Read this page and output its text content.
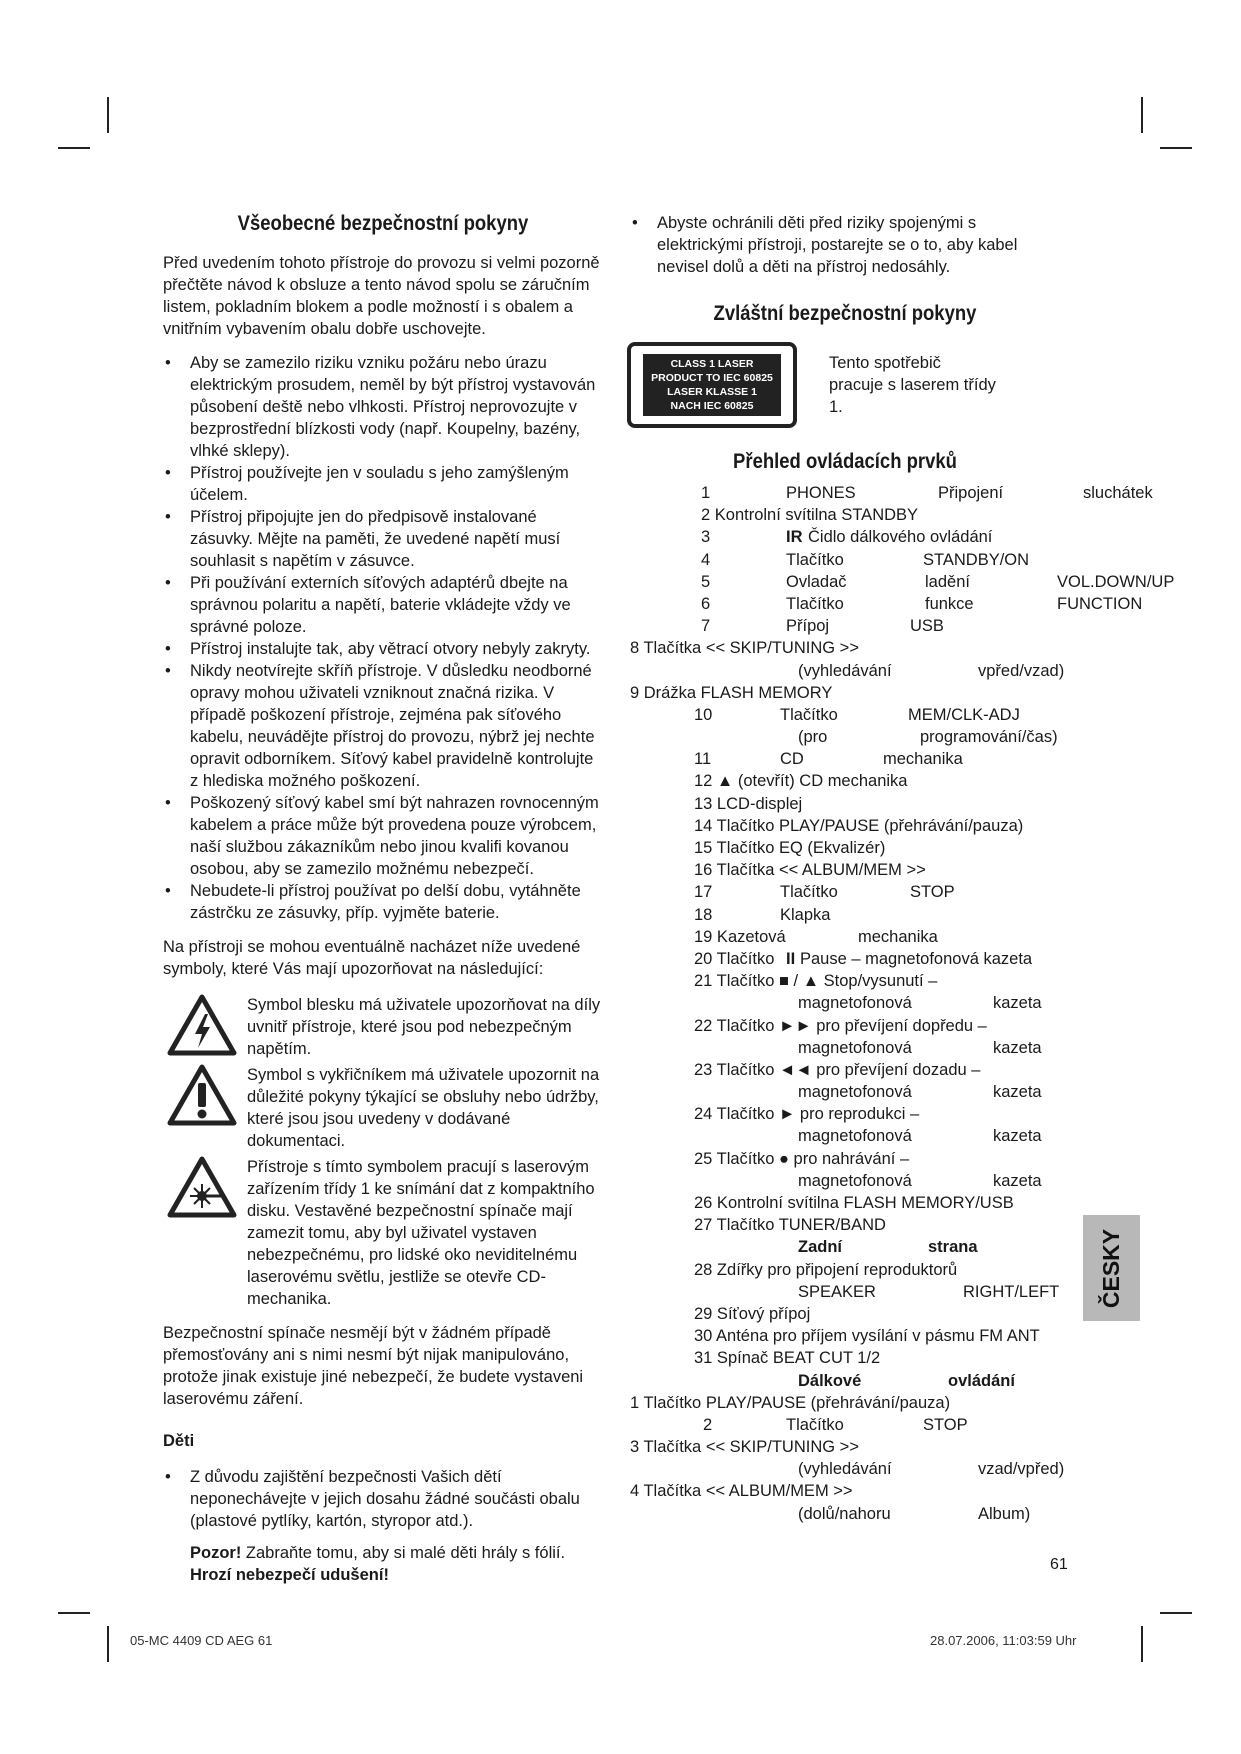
Všeobecné bezpečnostní pokyny

Před uvedením tohoto přístroje do provozu si velmi pozorně přečtěte návod k obsluze a tento návod spolu se záručním listem, pokladním blokem a podle možností i s obalem a vnitřním vybavením obalu dobře uschovejte.

• Aby se zamezilo riziku vzniku požáru nebo úrazu elektrickým prosudem, neměl by být přístroj vystavován působení deště nebo vlhkosti. Přístroj neprovozujte v bezprostřední blízkosti vody (např. Koupelny, bazény, vlhké sklepy).
• Přístroj používejte jen v souladu s jeho zamýšleným účelem.
• Přístroj připojujte jen do předpisově instalované zásuvky. Mějte na paměti, že uvedené napětí musí souhlasit s napětím v zásuvce.
• Při používání externích síťových adaptérů dbejte na správnou polaritu a napětí, baterie vkládejte vždy ve správné poloze.
• Přístroj instalujte tak, aby větrací otvory nebyly zakryty.
• Nikdy neotvírejte skříň přístroje. V důsledku neodborné opravy mohou uživateli vzniknout značná rizika. V případě poškození přístroje, zejména pak síťového kabelu, neuvádějte přístroj do provozu, nýbrž jej nechte opravit odborníkem. Síťový kabel pravidelně kontrolujte z hlediska možného poškození.
• Poškozený síťový kabel smí být nahrazen rovnocenným kabelem a práce může být provedena pouze výrobcem, naší službou zákazníkům nebo jinou kvalifi kovanou osobou, aby se zamezilo možnému nebezpečí.
• Nebudete-li přístroj používat po delší dobu, vytáhněte zástrčku ze zásuvky, příp. vyjměte baterie.

Na přístroji se mohou eventuálně nacházet níže uvedené symboly, které Vás mají upozorňovat na následující:

Symbol blesku má uživatele upozorňovat na díly uvnitř přístroje, které jsou pod nebezpečným napětím.
Symbol s vykřičníkem má uživatele upozornit na důležité pokyny týkající se obsluhy nebo údržby, které jsou jsou uvedeny v dodávané dokumentaci.
Přístroje s tímto symbolem pracují s laserovým zařízením třídy 1 ke snímání dat z kompaktního disku. Vestavěné bezpečnostní spínače mají zamezit tomu, aby byl uživatel vystaven nebezpečnému, pro lidské oko neviditelnému laserovému světlu, jestliže se otevře CD-mechanika.

Bezpečnostní spínače nesmějí být v žádném případě přemosťovány ani s nimi nesmí být nijak manipulováno, protože jinak existuje jiné nebezpečí, že budete vystaveni laserovému záření.

Děti

• Z důvodu zajištění bezpečnosti Vašich dětí neponechávejte v jejich dosahu žádné součásti obalu (plastové pytlíky, kartón, styropor atd.).

Pozor! Zabraňte tomu, aby si malé děti hrály s fólií. Hrozí nebezpečí udušení!

• Abyste ochránili děti před riziky spojenými s elektrickými přístroji, postarejte se o to, aby kabel nevisel dolů a děti na přístroj nedosáhly.
Zvláštní bezpečnostní pokyny
CLASS 1 LASER
PRODUCT TO IEC 60825
LASER KLASSE 1
NACH IEC 60825
Tento spotřebič pracuje s laserem třídy 1.
Přehled ovládacích prvků
1	PHONES	Připojení	sluchátek
2 Kontrolní svítilna STANDBY
3	IR Čidlo dálkového ovládání
4	Tlačítko	STANDBY/ON
5	Ovladač	ladění	VOL.DOWN/UP
6	Tlačítko	funkce	FUNCTION
7	Přípoj	USB
8 Tlačítka << SKIP/TUNING >>
(vyhledávání	vpřed/vzad)
9 Drážka FLASH MEMORY
10	Tlačítko	MEM/CLK-ADJ
(pro	programování/čas)
11	CD	mechanika
12 ▲ (otevřít) CD mechanika
13 LCD-displej
14 Tlačítko PLAY/PAUSE (přehrávání/pauza)
15 Tlačítko EQ (Ekvalizér)
16 Tlačítka << ALBUM/MEM >>
17	Tlačítko	STOP
18	Klapka
19 Kazetová	mechanika
20 Tlačítko II Pause – magnetofonová kazeta
21 Tlačítko ■ / ▲ Stop/vysunutí –
magnetofonová	kazeta
22 Tlačítko ►► pro převíjení dopředu –
magnetofonová	kazeta
23 Tlačítko ◄◄ pro převíjení dozadu –
magnetofonová	kazeta
24 Tlačítko ► pro reprodukci –
magnetofonová	kazeta
25 Tlačítko ● pro nahrávání –
magnetofonová	kazeta
26 Kontrolní svítilna FLASH MEMORY/USB
27 Tlačítko TUNER/BAND
Zadní	strana
28 Zdířky pro připojení reproduktorů
SPEAKER	RIGHT/LEFT
29 Síťový přípoj
30 Anténa pro příjem vysílání v pásmu FM ANT
31 Spínač BEAT CUT 1/2
Dálkové	ovládání
1 Tlačítko PLAY/PAUSE (přehrávání/pauza)
2	Tlačítko	STOP
3 Tlačítka << SKIP/TUNING >>
(vyhledávání	vzad/vpřed)
4 Tlačítka << ALBUM/MEM >>
(dolů/nahoru	Album)
ČESKY
61
05-MC 4409 CD AEG 61	28.07.2006, 11:03:59 Uhr
